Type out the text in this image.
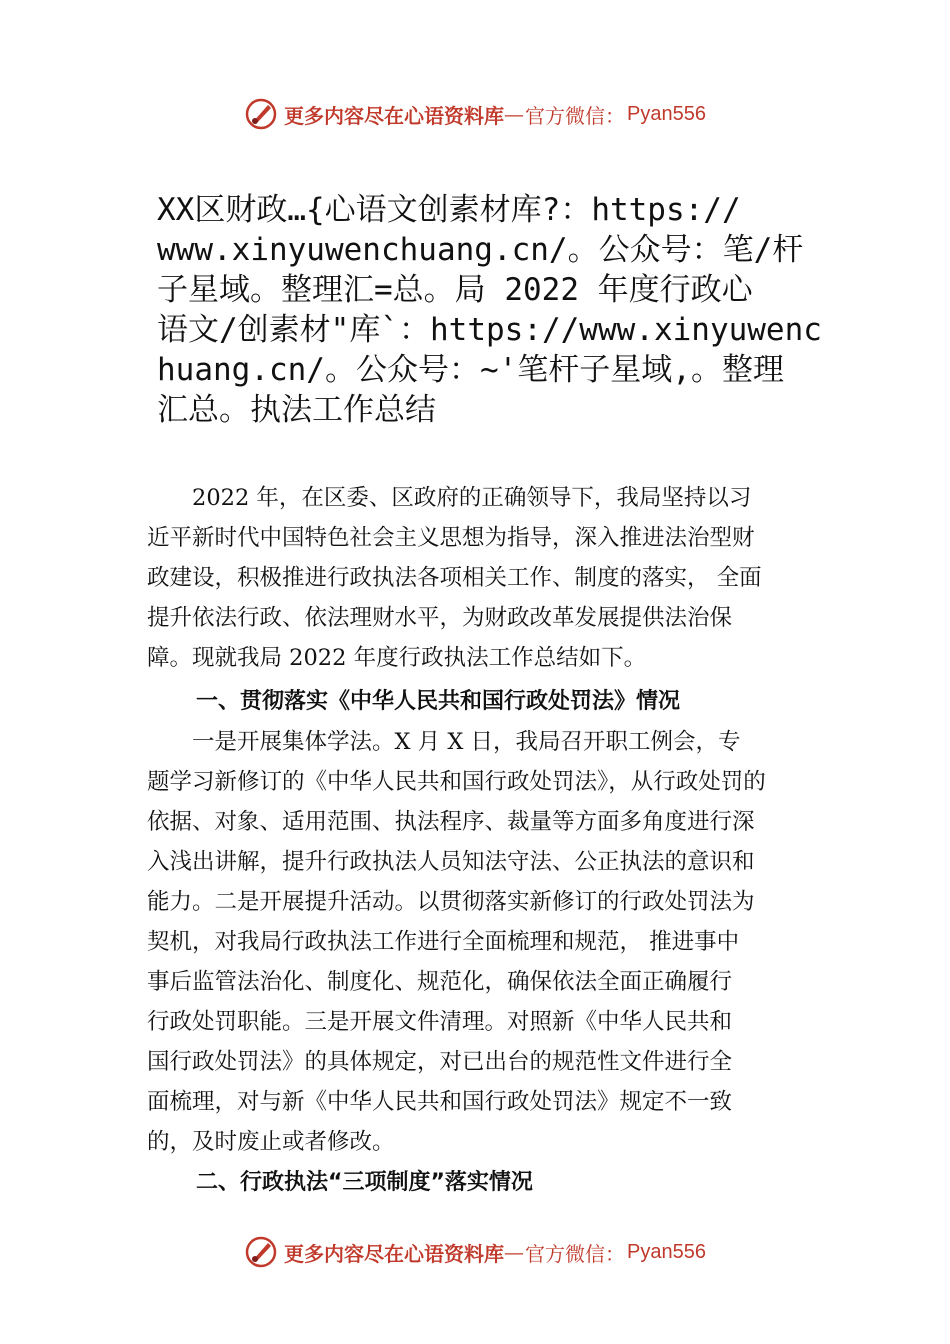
更多内容尽在心语资料库 — 官方微信： Pyan556
XX区财政…{心语文创素材库?：https://
www.xinyuwenchuang.cn/。公众号：笔/杆
子星域。整理汇=总。局 2022 年度行政心
语文/创素材"库`：https://www.xinyuwenc
huang.cn/。公众号：~'笔杆子星域,。整理
汇总。执法工作总结
　　2022 年，在区委、区政府的正确领导下，我局坚持以习
近平新时代中国特色社会主义思想为指导，深入推进法治型财
政建设，积极推进行政执法各项相关工作、制度的落实， 全面
提升依法行政、依法理财水平，为财政改革发展提供法治保
障。现就我局 2022 年度行政执法工作总结如下。
一、贯彻落实《中华人民共和国行政处罚法》情况
　　一是开展集体学法。X 月 X 日，我局召开职工例会，专
题学习新修订的《中华人民共和国行政处罚法》，从行政处罚的
依据、对象、适用范围、执法程序、裁量等方面多角度进行深
入浅出讲解，提升行政执法人员知法守法、公正执法的意识和
能力。二是开展提升活动。以贯彻落实新修订的行政处罚法为
契机，对我局行政执法工作进行全面梳理和规范， 推进事中
事后监管法治化、制度化、规范化，确保依法全面正确履行
行政处罚职能。三是开展文件清理。对照新《中华人民共和
国行政处罚法》的具体规定，对已出台的规范性文件进行全
面梳理，对与新《中华人民共和国行政处罚法》规定不一致
的，及时废止或者修改。
二、行政执法“三项制度”落实情况
更多内容尽在心语资料库 — 官方微信： Pyan556
